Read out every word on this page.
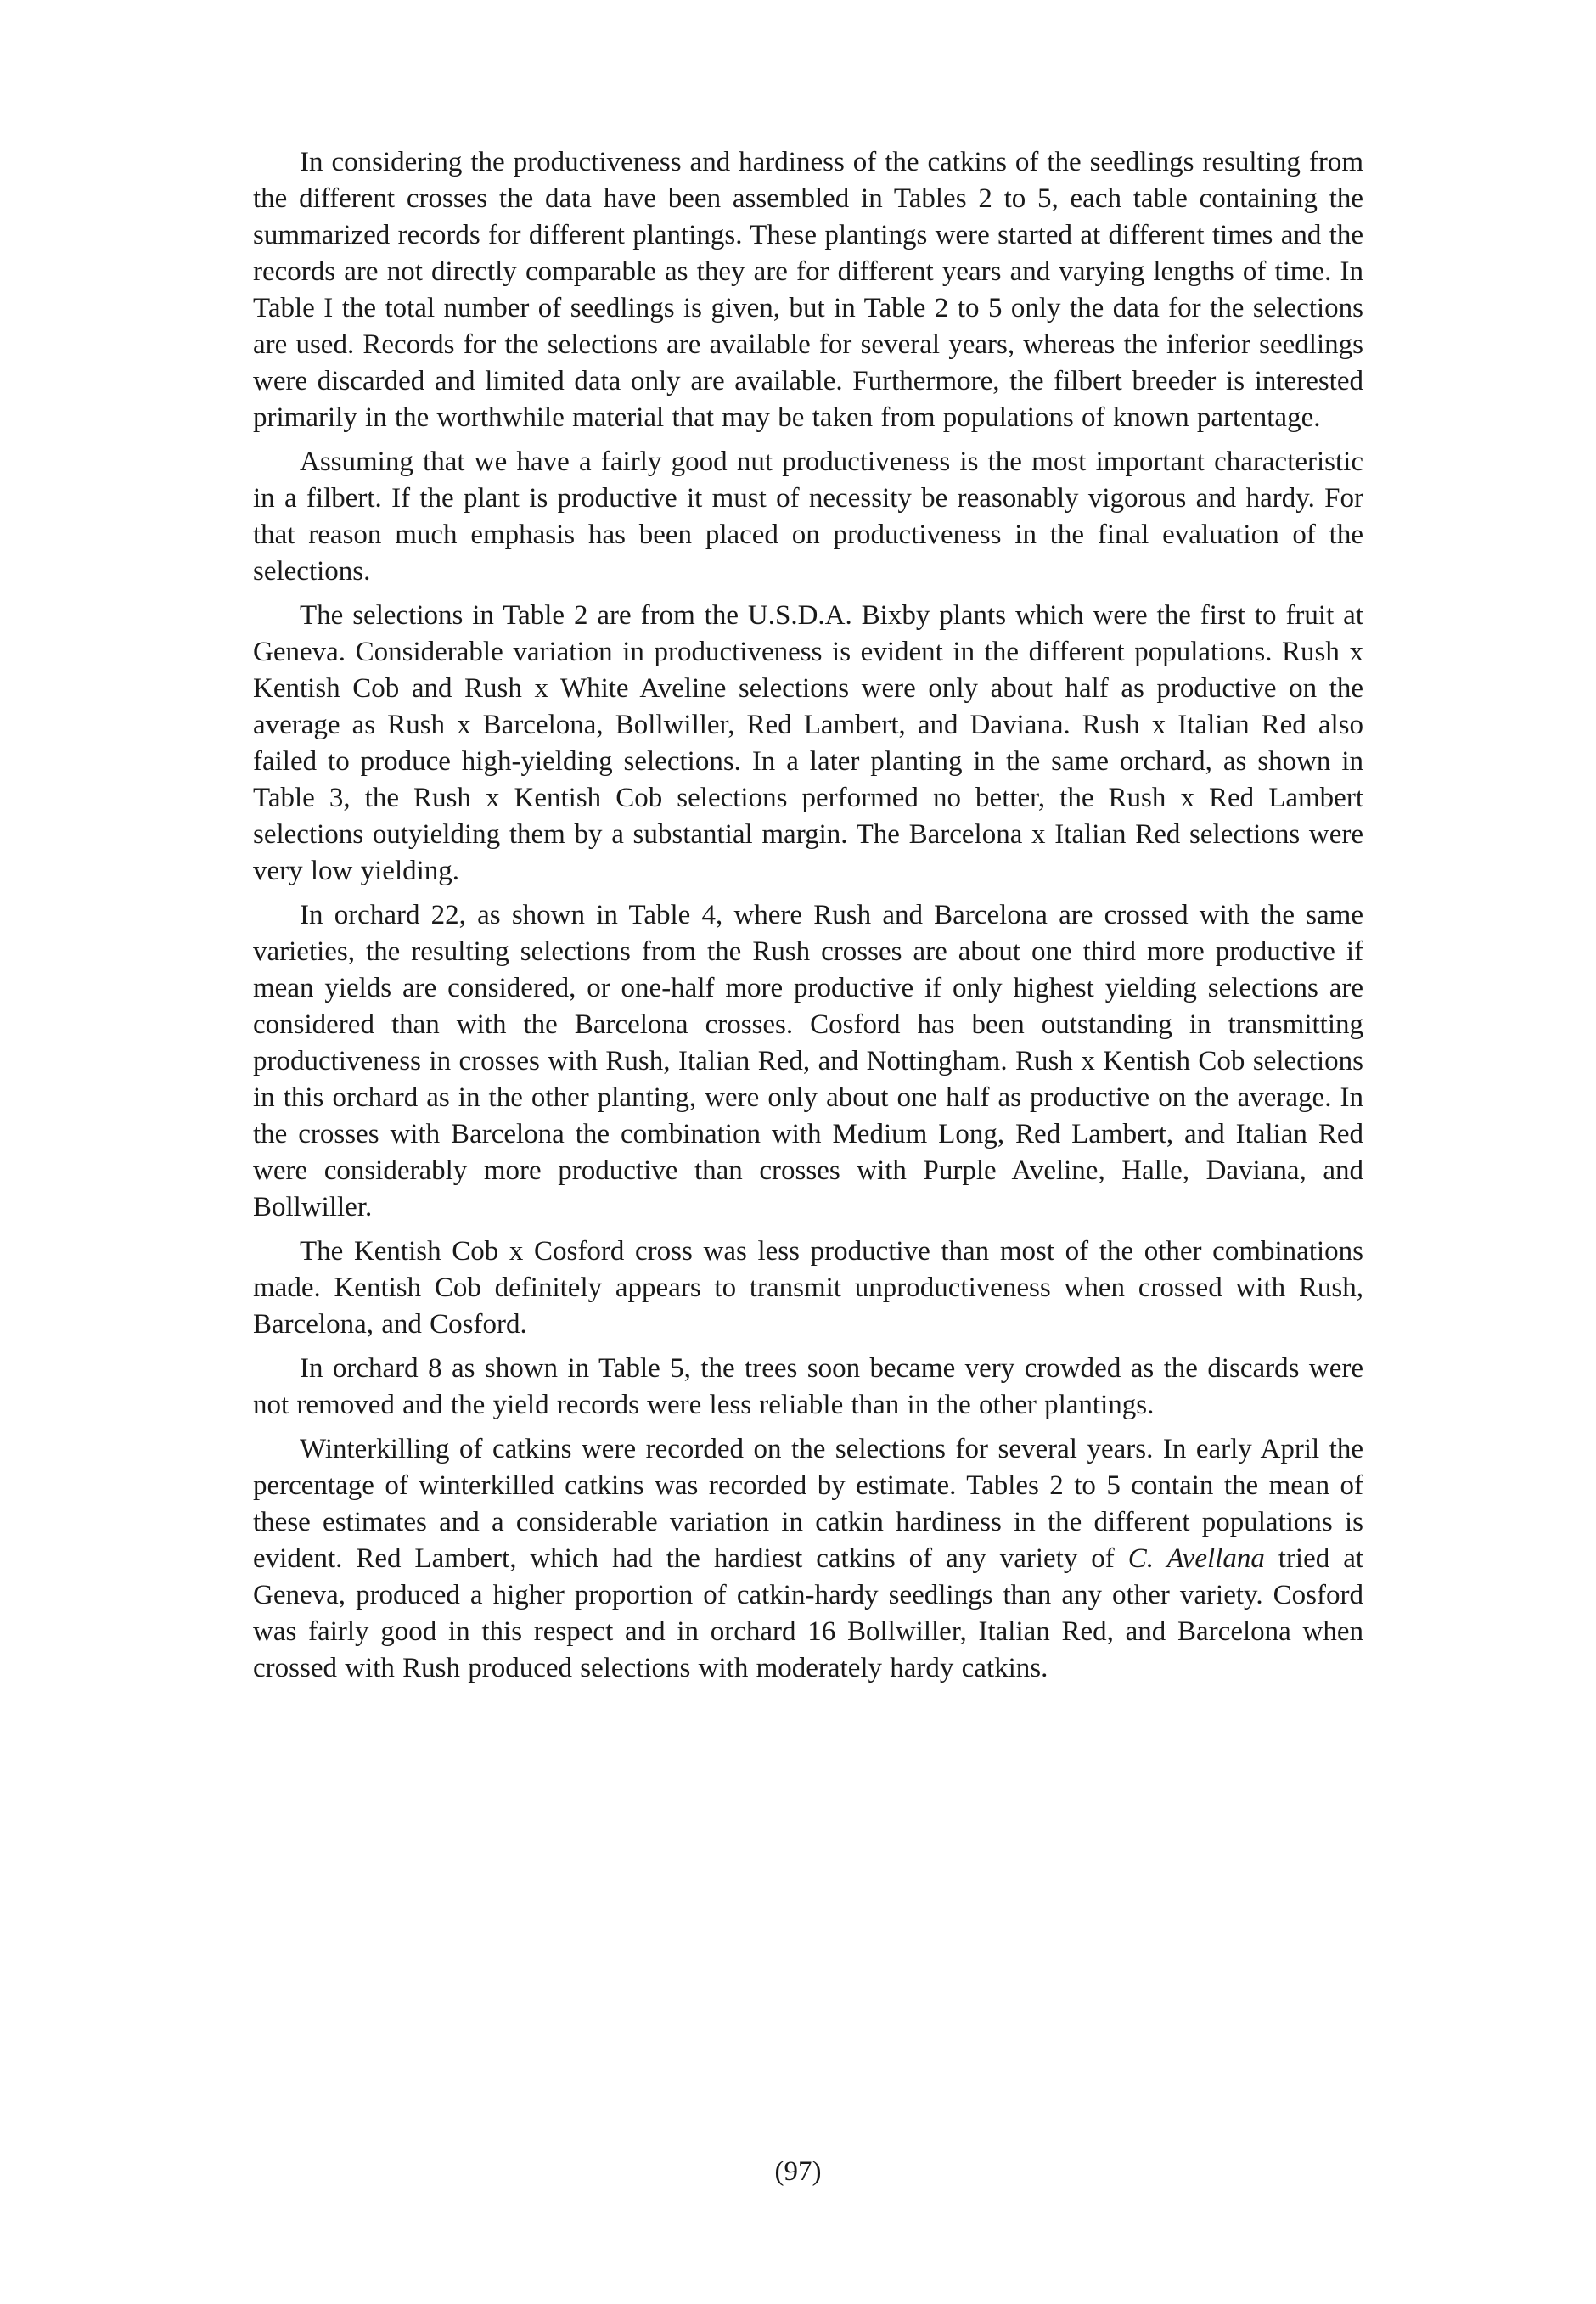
In considering the productiveness and hardiness of the catkins of the seedlings resulting from the different crosses the data have been assembled in Tables 2 to 5, each table containing the summarized records for different plantings. These plantings were started at different times and the records are not directly comparable as they are for different years and varying lengths of time. In Table I the total number of seedlings is given, but in Table 2 to 5 only the data for the selections are used. Records for the selections are available for several years, whereas the inferior seedlings were discarded and limited data only are available. Furthermore, the filbert breeder is interested primarily in the worthwhile material that may be taken from populations of known partentage.

Assuming that we have a fairly good nut productiveness is the most important characteristic in a filbert. If the plant is productive it must of necessity be reasonably vigorous and hardy. For that reason much emphasis has been placed on productiveness in the final evaluation of the selections.

The selections in Table 2 are from the U.S.D.A. Bixby plants which were the first to fruit at Geneva. Considerable variation in productiveness is evident in the different populations. Rush x Kentish Cob and Rush x White Aveline selections were only about half as productive on the average as Rush x Barcelona, Bollwiller, Red Lambert, and Daviana. Rush x Italian Red also failed to produce high-yielding selections. In a later planting in the same orchard, as shown in Table 3, the Rush x Kentish Cob selections performed no better, the Rush x Red Lambert selections outyielding them by a substantial margin. The Barcelona x Italian Red selections were very low yielding.

In orchard 22, as shown in Table 4, where Rush and Barcelona are crossed with the same varieties, the resulting selections from the Rush crosses are about one third more productive if mean yields are considered, or one-half more productive if only highest yielding selections are considered than with the Barcelona crosses. Cosford has been outstanding in transmitting productiveness in crosses with Rush, Italian Red, and Nottingham. Rush x Kentish Cob selections in this orchard as in the other planting, were only about one half as productive on the average. In the crosses with Barcelona the combination with Medium Long, Red Lambert, and Italian Red were considerably more productive than crosses with Purple Aveline, Halle, Daviana, and Bollwiller.

The Kentish Cob x Cosford cross was less productive than most of the other combinations made. Kentish Cob definitely appears to transmit unproductiveness when crossed with Rush, Barcelona, and Cosford.

In orchard 8 as shown in Table 5, the trees soon became very crowded as the discards were not removed and the yield records were less reliable than in the other plantings.

Winterkilling of catkins were recorded on the selections for several years. In early April the percentage of winterkilled catkins was recorded by estimate. Tables 2 to 5 contain the mean of these estimates and a considerable variation in catkin hardiness in the different populations is evident. Red Lambert, which had the hardiest catkins of any variety of C. Avellana tried at Geneva, produced a higher proportion of catkin-hardy seedlings than any other variety. Cosford was fairly good in this respect and in orchard 16 Bollwiller, Italian Red, and Barcelona when crossed with Rush produced selections with moderately hardy catkins.

(97)
